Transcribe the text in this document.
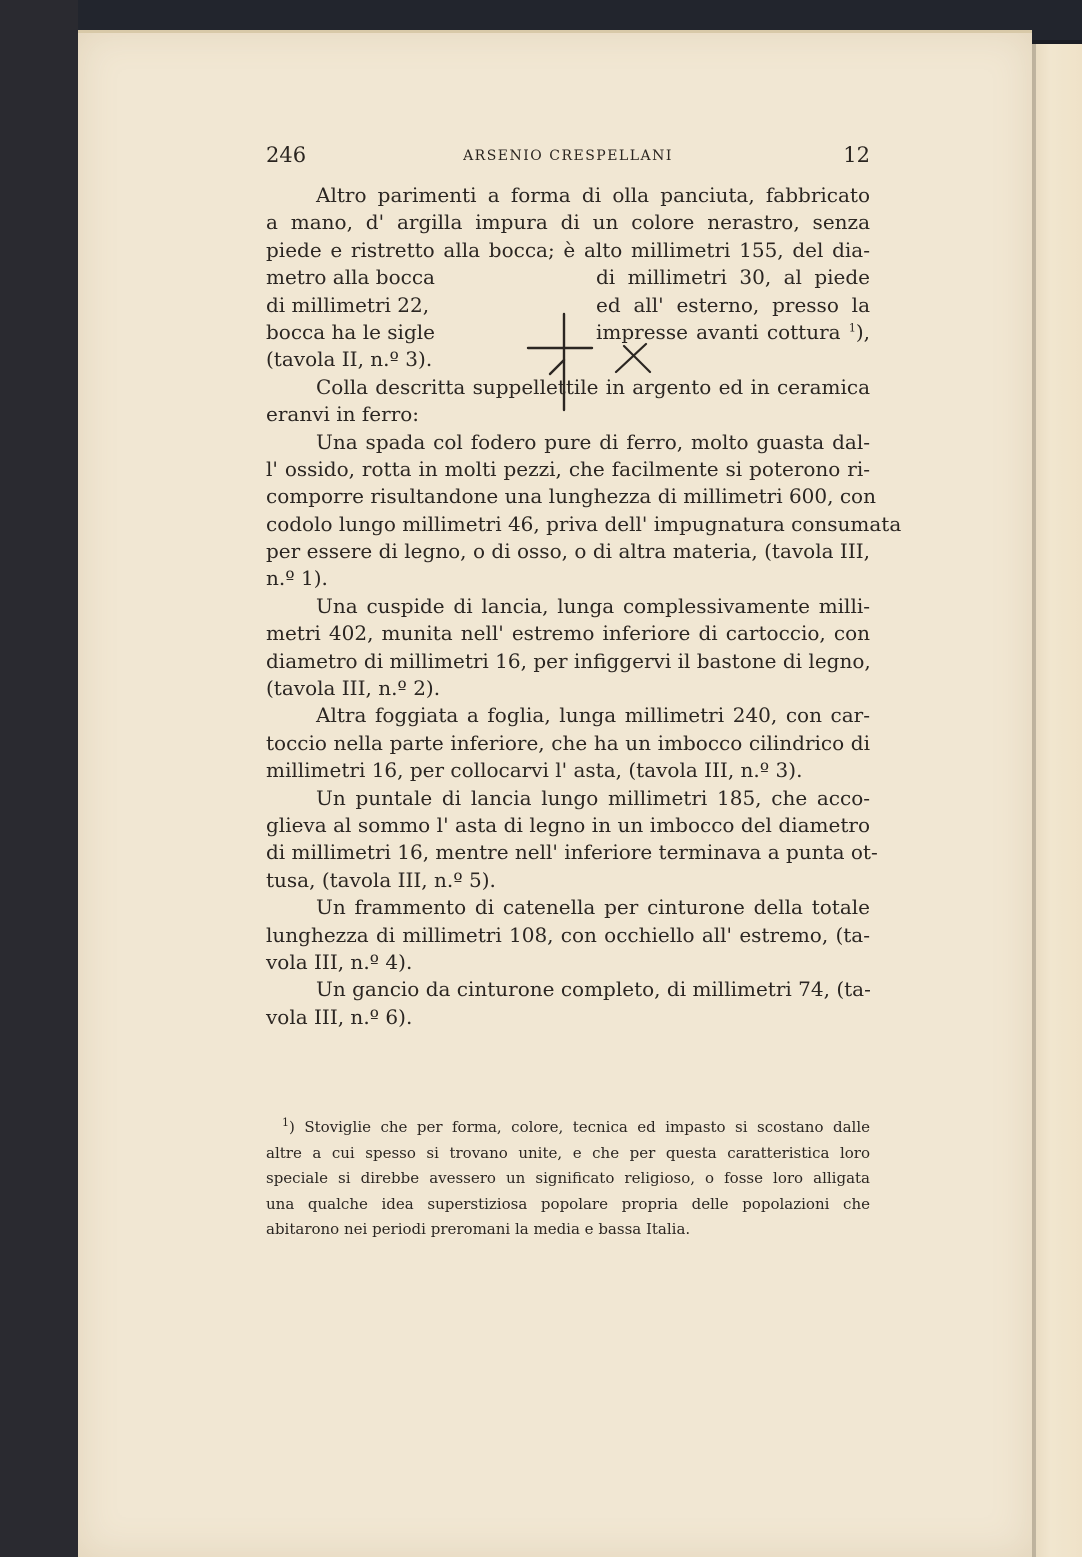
246	ARSENIO CRESPELLANI	12
Altro parimenti a forma di olla panciuta, fabbricato
a mano, d' argilla impura di un colore nerastro, senza
piede e ristretto alla bocca; è alto millimetri 155, del dia-
metro alla bocca	di millimetri 30, al piede
di millimetri 22,	ed all' esterno, presso la
bocca ha le sigle	impresse avanti cottura $^1$),
(tavola II, n.º 3).
Colla descritta suppellettile in argento ed in ceramica
eranvi in ferro:
Una spada col fodero pure di ferro, molto guasta dal-
l' ossido, rotta in molti pezzi, che facilmente si poterono ri-
comporre risultandone una lunghezza di millimetri 600, con
codolo lungo millimetri 46, priva dell' impugnatura consumata
per essere di legno, o di osso, o di altra materia, (tavola III,
n.º 1).
Una cuspide di lancia, lunga complessivamente milli-
metri 402, munita nell' estremo inferiore di cartoccio, con
diametro di millimetri 16, per infiggervi il bastone di legno,
(tavola III, n.º 2).
Altra foggiata a foglia, lunga millimetri 240, con car-
toccio nella parte inferiore, che ha un imbocco cilindrico di
millimetri 16, per collocarvi l' asta, (tavola III, n.º 3).
Un puntale di lancia lungo millimetri 185, che acco-
glieva al sommo l' asta di legno in un imbocco del diametro
di millimetri 16, mentre nell' inferiore terminava a punta ot-
tusa, (tavola III, n.º 5).
Un frammento di catenella per cinturone della totale
lunghezza di millimetri 108, con occhiello all' estremo, (ta-
vola III, n.º 4).
Un gancio da cinturone completo, di millimetri 74, (ta-
vola III, n.º 6).
$^1$) Stoviglie che per forma, colore, tecnica ed impasto si scostano dalle
altre a cui spesso si trovano unite, e che per questa caratteristica loro
speciale si direbbe avessero un significato religioso, o fosse loro alligata
una qualche idea superstiziosa popolare propria delle popolazioni che
abitarono nei periodi preromani la media e bassa Italia.
